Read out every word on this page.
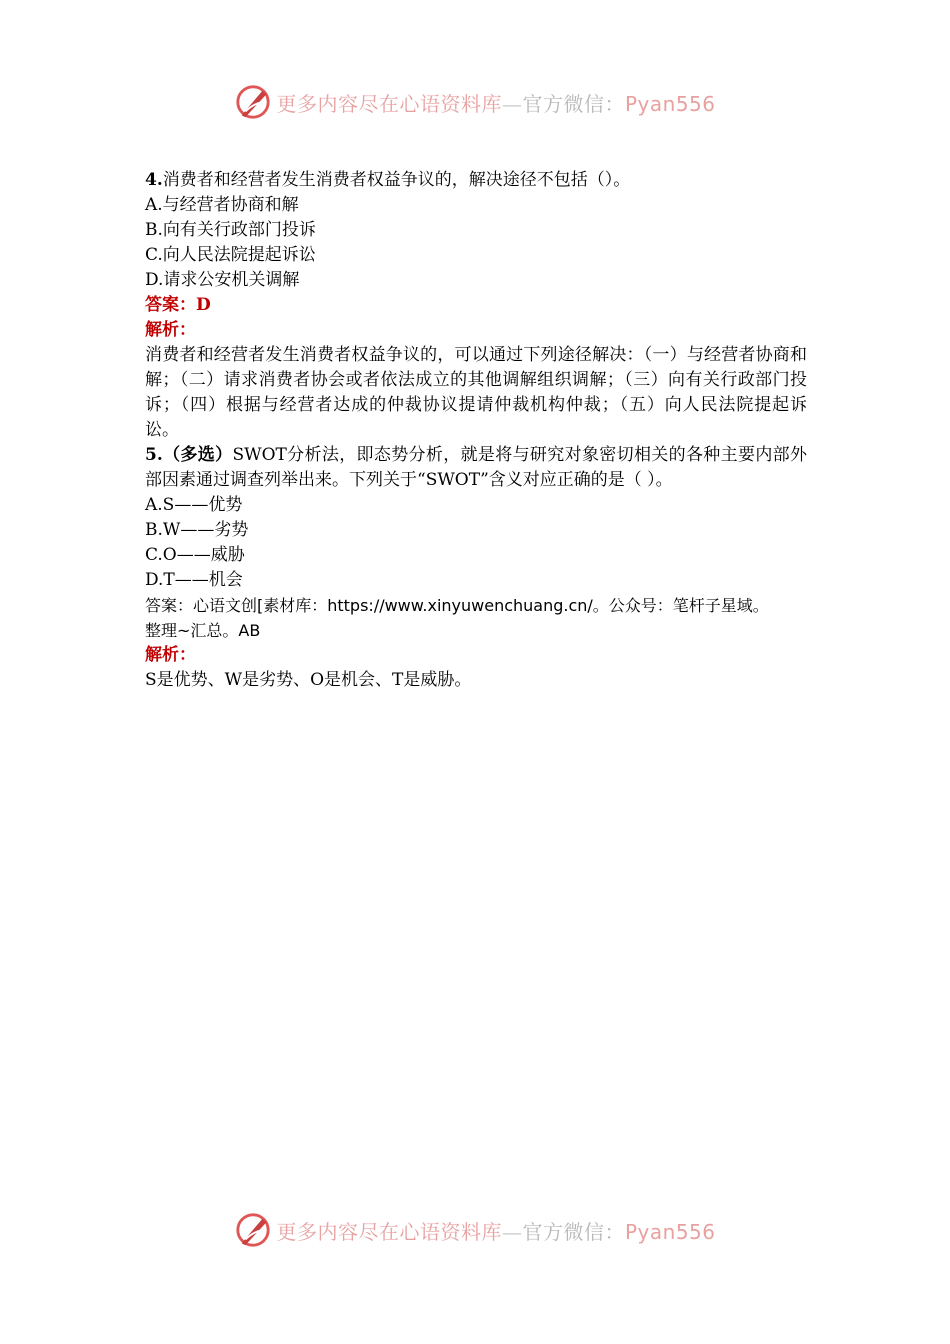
更多内容尽在心语资料库—官方微信：Pyan556
4.消费者和经营者发生消费者权益争议的，解决途径不包括（）。
A.与经营者协商和解
B.向有关行政部门投诉
C.向人民法院提起诉讼
D.请求公安机关调解
答案：D
解析：
消费者和经营者发生消费者权益争议的，可以通过下列途径解决：（一）与经营者协商和解；（二）请求消费者协会或者依法成立的其他调解组织调解；（三）向有关行政部门投诉；（四）根据与经营者达成的仲裁协议提请仲裁机构仲裁；（五）向人民法院提起诉讼。
5.（多选）SWOT分析法，即态势分析，就是将与研究对象密切相关的各种主要内部外部因素通过调查列举出来。下列关于“SWOT”含义对应正确的是（ ）。
A.S——优势
B.W——劣势
C.O——威胁
D.T——机会
答案：心语文创[素材库：https://www.xinyuwenchuang.cn/。公众号：笔杆子星域。
整理~汇总。AB
解析：
S是优势、W是劣势、O是机会、T是威胁。
更多内容尽在心语资料库—官方微信：Pyan556
